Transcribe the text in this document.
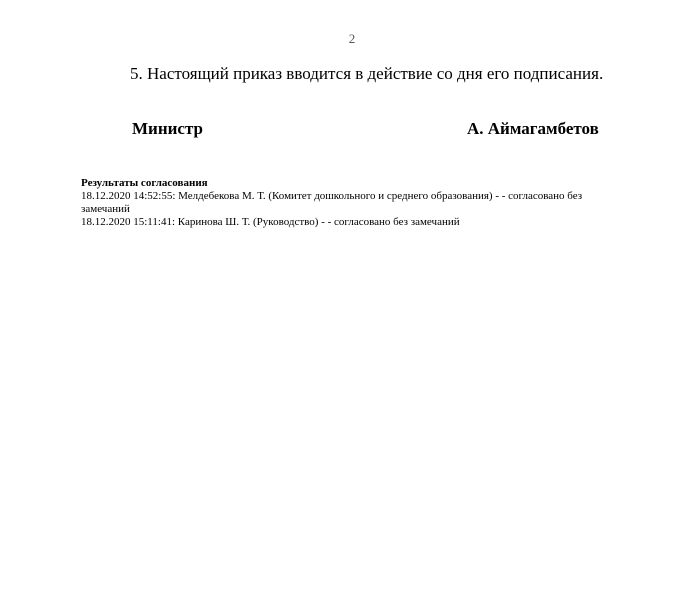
2
5. Настоящий приказ вводится в действие со дня его подписания.
Министр	А. Аймагамбетов
Результаты согласования

18.12.2020 14:52:55: Мелдебекова М. Т. (Комитет дошкольного и среднего образования) - - согласовано без замечаний

18.12.2020 15:11:41: Каринова Ш. Т. (Руководство) - - согласовано без замечаний
